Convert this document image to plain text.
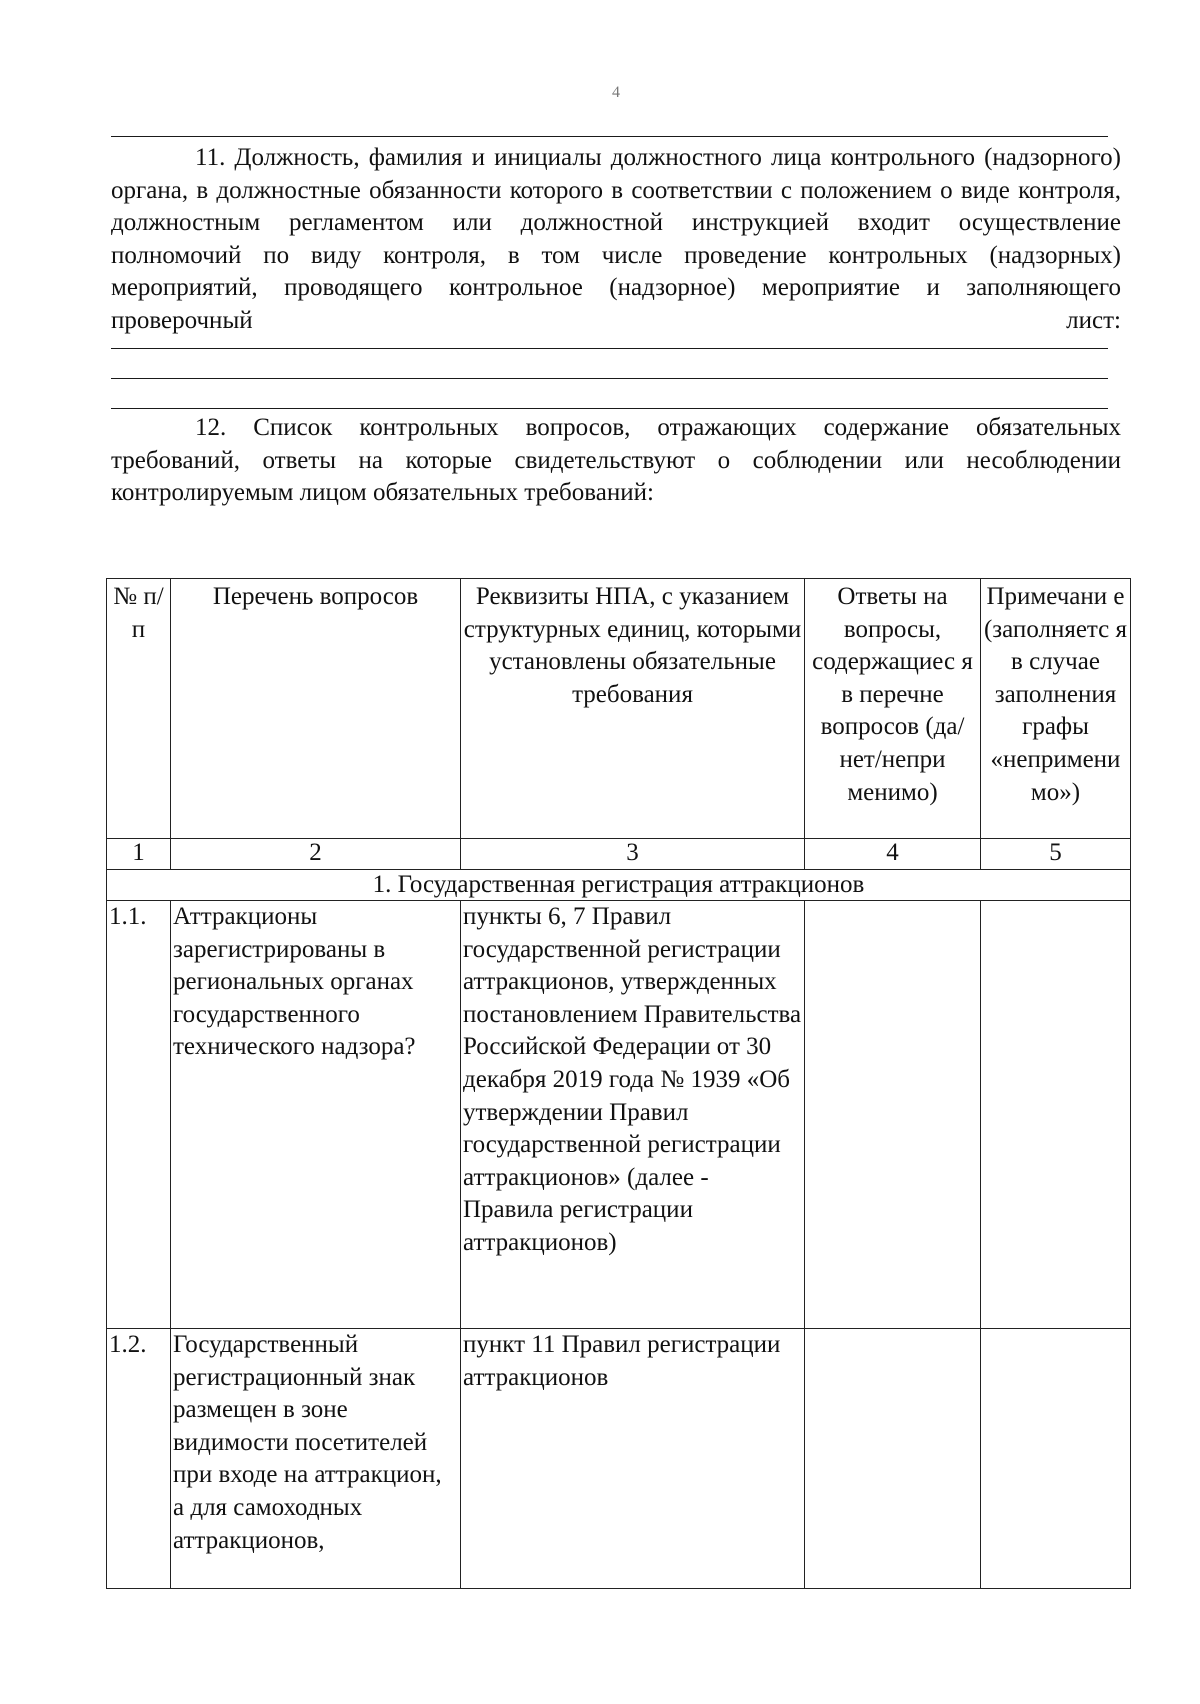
4

11. Должность, фамилия и инициалы должностного лица контрольного (надзорного) органа, в должностные обязанности которого в соответствии с положением о виде контроля, должностным регламентом или должностной инструкцией входит осуществление полномочий по виду контроля, в том числе проведение контрольных (надзорных) мероприятий, проводящего контрольное (надзорное) мероприятие и заполняющего проверочный лист:

12. Список контрольных вопросов, отражающих содержание обязательных требований, ответы на которые свидетельствуют о соблюдении или несоблюдении контролируемым лицом обязательных требований:

№ п/п	Перечень вопросов	Реквизиты НПА, с указанием структурных единиц, которыми установлены обязательные требования	Ответы на вопросы, содержащиес я в перечне вопросов (да/нет/непри менимо)	Примечани е (заполняетс я в случае заполнения графы «неприменимо»)
1	2	3	4	5
1. Государственная регистрация аттракционов				
1.1.	Аттракционы зарегистрированы в региональных органах государственного технического надзора?	пункты 6, 7 Правил государственной регистрации аттракционов, утвержденных постановлением Правительства Российской Федерации от 30 декабря 2019 года № 1939 «Об утверждении Правил государственной регистрации аттракционов» (далее - Правила регистрации аттракционов)		
1.2.	Государственный регистрационный знак размещен в зоне видимости посетителей при входе на аттракцион, а для самоходных аттракционов,	пункт 11 Правил регистрации аттракционов		
